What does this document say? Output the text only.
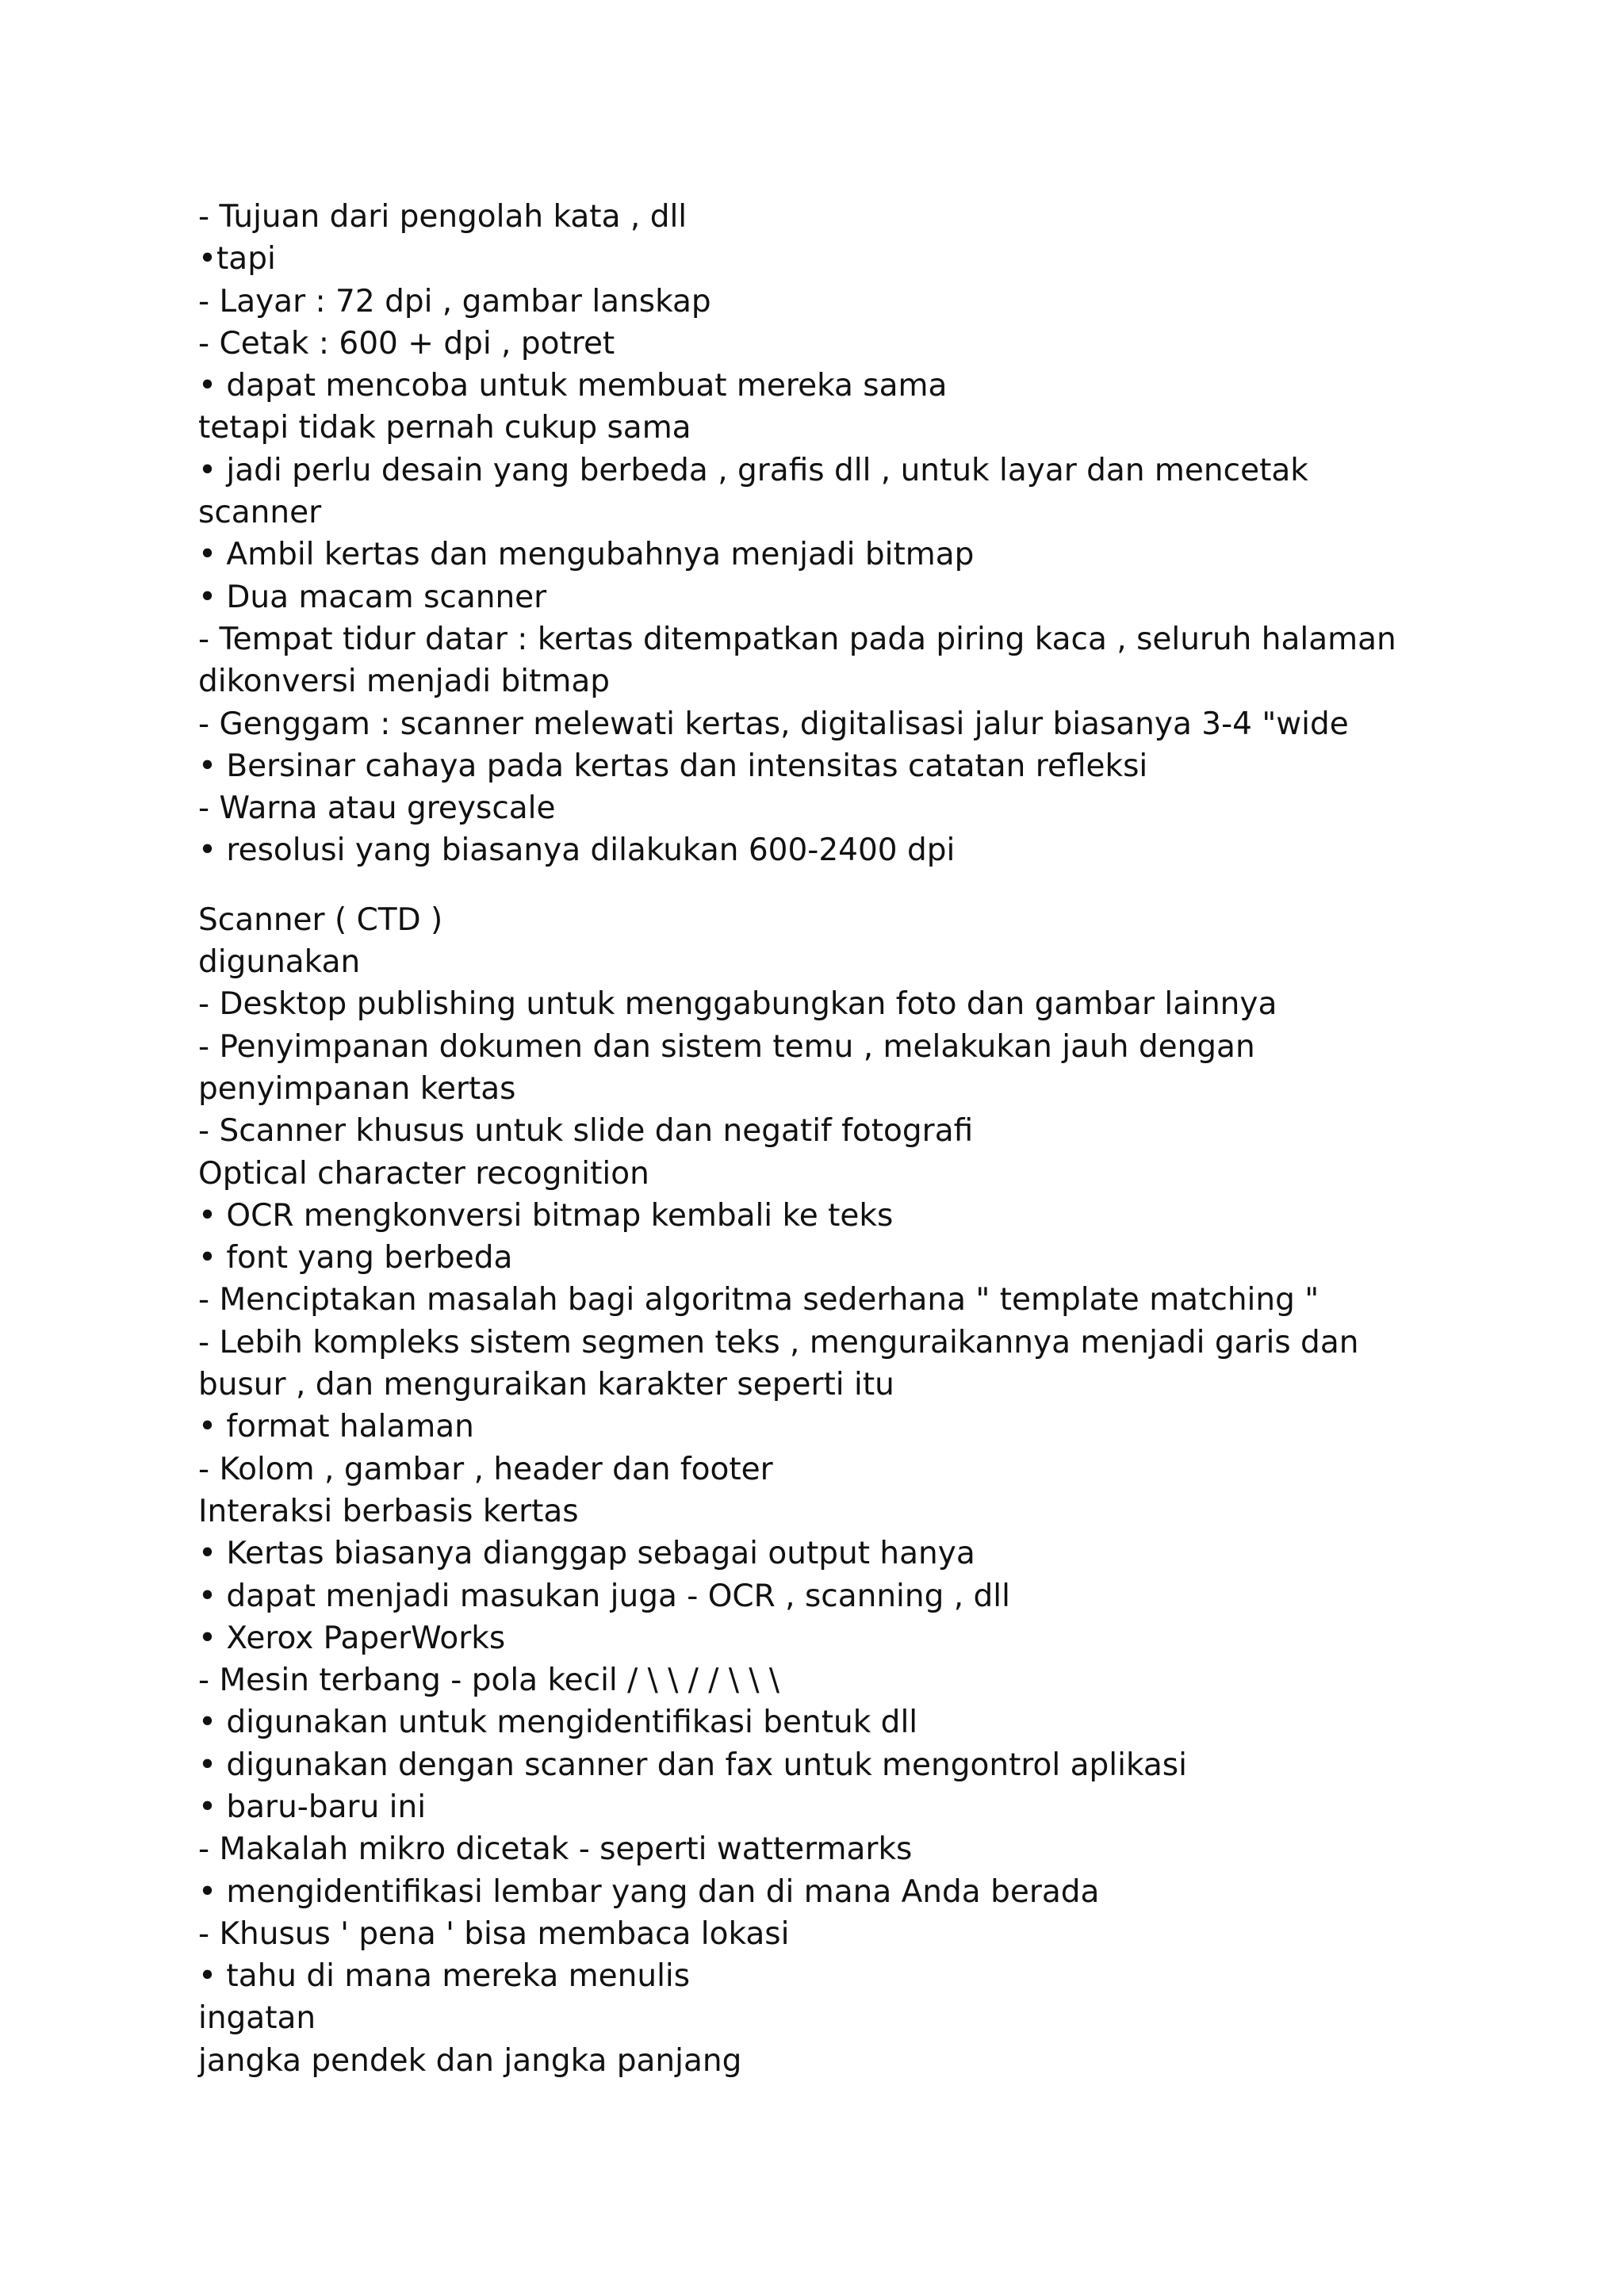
- Tujuan dari pengolah kata , dll
•tapi
- Layar : 72 dpi , gambar lanskap
- Cetak : 600 + dpi , potret
• dapat mencoba untuk membuat mereka sama
tetapi tidak pernah cukup sama
• jadi perlu desain yang berbeda , grafis dll , untuk layar dan mencetak
scanner
• Ambil kertas dan mengubahnya menjadi bitmap
• Dua macam scanner
- Tempat tidur datar : kertas ditempatkan pada piring kaca , seluruh halaman
dikonversi menjadi bitmap
- Genggam : scanner melewati kertas, digitalisasi jalur biasanya 3-4 "wide
• Bersinar cahaya pada kertas dan intensitas catatan refleksi
- Warna atau greyscale
• resolusi yang biasanya dilakukan 600-2400 dpi
Scanner ( CTD )
digunakan
- Desktop publishing untuk menggabungkan foto dan gambar lainnya
- Penyimpanan dokumen dan sistem temu , melakukan jauh dengan
penyimpanan kertas
- Scanner khusus untuk slide dan negatif fotografi
Optical character recognition
• OCR mengkonversi bitmap kembali ke teks
• font yang berbeda
- Menciptakan masalah bagi algoritma sederhana " template matching "
- Lebih kompleks sistem segmen teks , menguraikannya menjadi garis dan
busur , dan menguraikan karakter seperti itu
• format halaman
- Kolom , gambar , header dan footer
Interaksi berbasis kertas
• Kertas biasanya dianggap sebagai output hanya
• dapat menjadi masukan juga - OCR , scanning , dll
• Xerox PaperWorks
- Mesin terbang - pola kecil / \ \ / / \ \ \
• digunakan untuk mengidentifikasi bentuk dll
• digunakan dengan scanner dan fax untuk mengontrol aplikasi
• baru-baru ini
- Makalah mikro dicetak - seperti wattermarks
• mengidentifikasi lembar yang dan di mana Anda berada
- Khusus ' pena ' bisa membaca lokasi
• tahu di mana mereka menulis
ingatan
jangka pendek dan jangka panjang
